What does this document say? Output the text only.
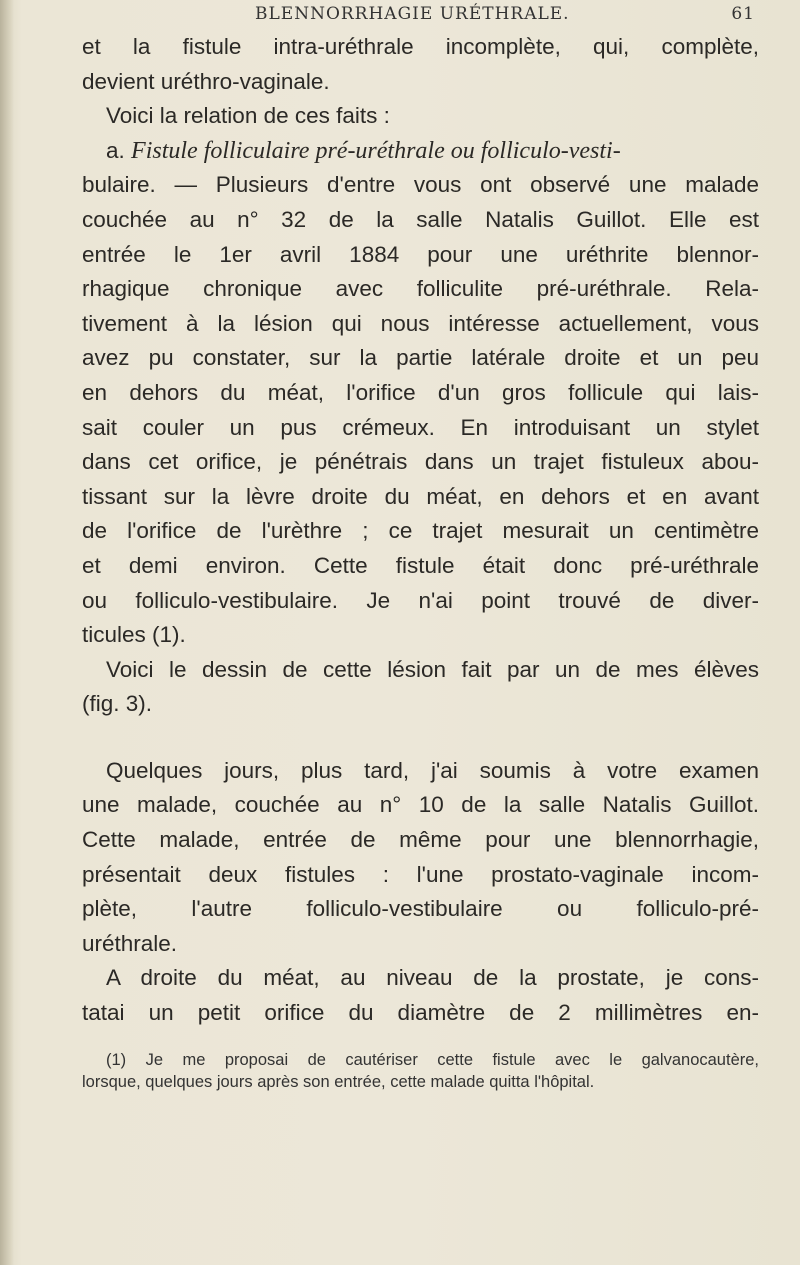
BLENNORRHAGIE URÉTHRALE.	61
et la fistule intra-uréthrale incomplète, qui, complète,
devient uréthro-vaginale.
Voici la relation de ces faits :
a. Fistule folliculaire pré-uréthrale ou folliculo-vesti-
bulaire. — Plusieurs d'entre vous ont observé une malade
couchée au n° 32 de la salle Natalis Guillot. Elle est
entrée le 1er avril 1884 pour une uréthrite blennor-
rhagique chronique avec folliculite pré-uréthrale. Rela-
tivement à la lésion qui nous intéresse actuellement, vous
avez pu constater, sur la partie latérale droite et un peu
en dehors du méat, l'orifice d'un gros follicule qui lais-
sait couler un pus crémeux. En introduisant un stylet
dans cet orifice, je pénétrais dans un trajet fistuleux abou-
tissant sur la lèvre droite du méat, en dehors et en avant
de l'orifice de l'urèthre ; ce trajet mesurait un centimètre
et demi environ. Cette fistule était donc pré-uréthrale
ou folliculo-vestibulaire. Je n'ai point trouvé de diver-
ticules (1).
Voici le dessin de cette lésion fait par un de mes élèves
(fig. 3).
Quelques jours, plus tard, j'ai soumis à votre examen
une malade, couchée au n° 10 de la salle Natalis Guillot.
Cette malade, entrée de même pour une blennorrhagie,
présentait deux fistules : l'une prostato-vaginale incom-
plète, l'autre folliculo-vestibulaire ou folliculo-pré-
uréthrale.
A droite du méat, au niveau de la prostate, je cons-
tatai un petit orifice du diamètre de 2 millimètres en-
(1) Je me proposai de cautériser cette fistule avec le galvanocautère,
lorsque, quelques jours après son entrée, cette malade quitta l'hôpital.
